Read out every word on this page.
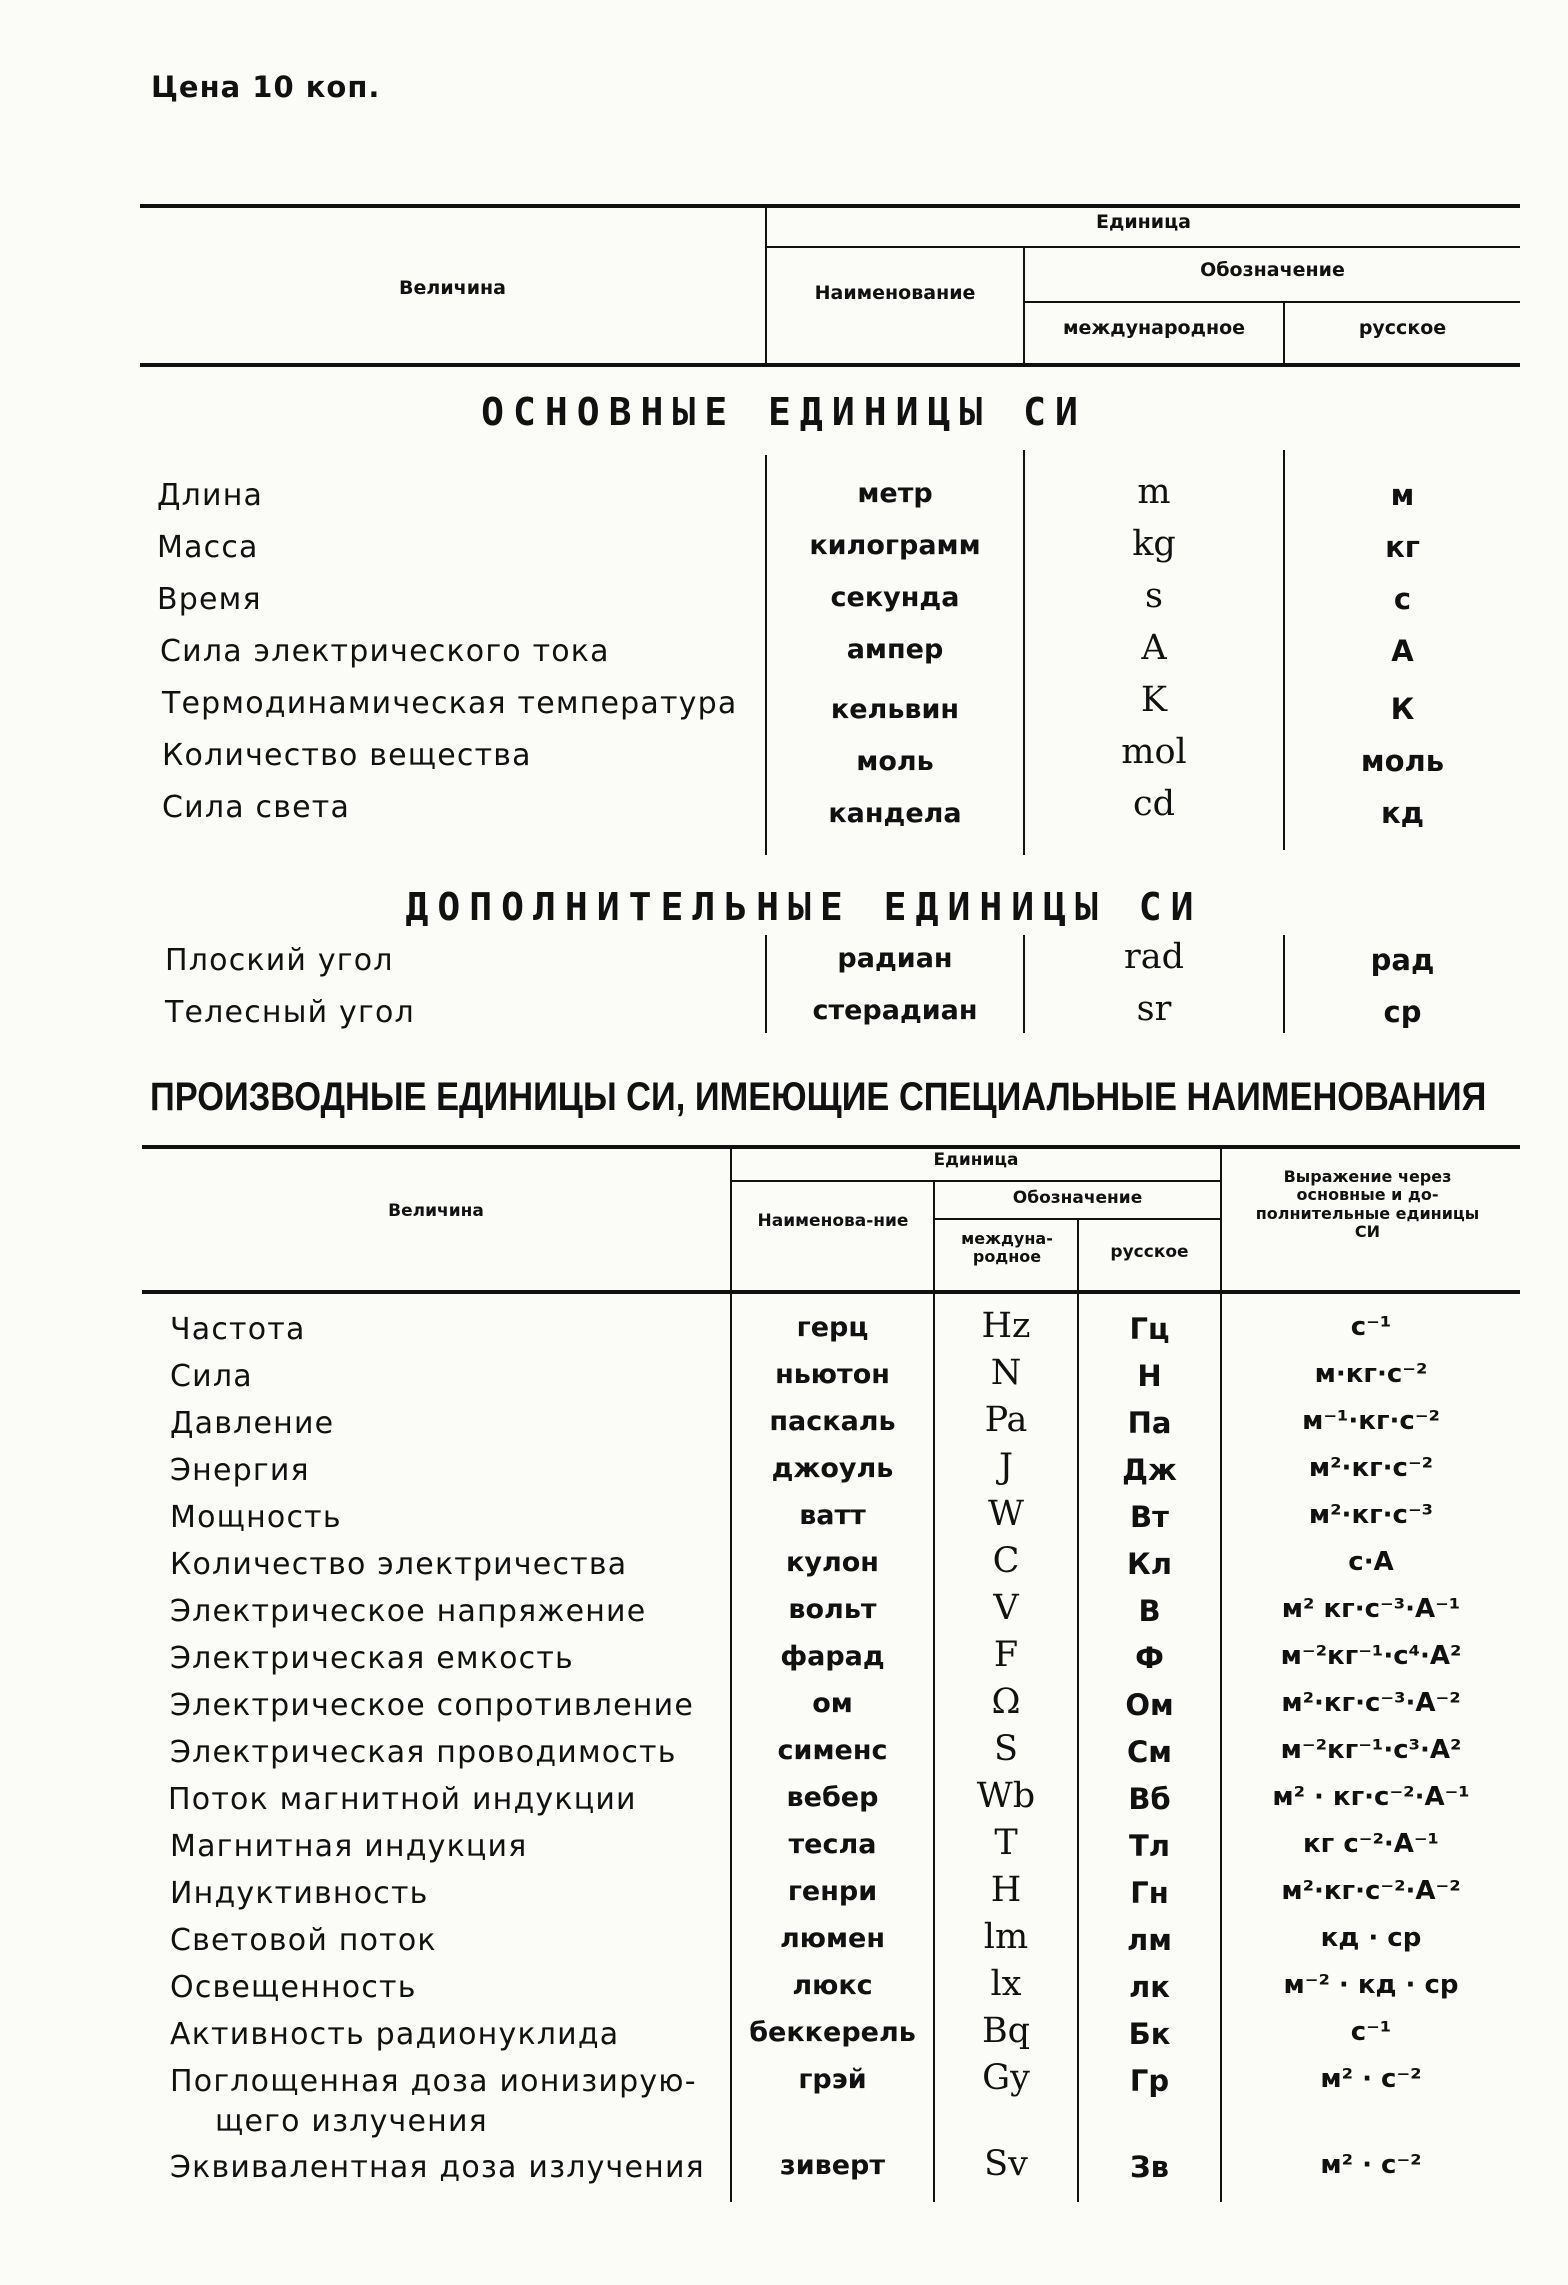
Цена 10 коп.
Величина
Единица
Наименование
Обозначение
международное	русское
ОСНОВНЫЕ ЕДИНИЦЫ СИ
Длина	метр	m	м
Масса	килограмм	kg	кг
Время	секунда	s	с
Сила электрического тока	ампер	A	А
Термодинамическая температура	кельвин	K	К
Количество вещества	моль	mol	моль
Сила света	кандела	cd	кд
ДОПОЛНИТЕЛЬНЫЕ ЕДИНИЦЫ СИ
Плоский угол	радиан	rad	рад
Телесный угол	стерадиан	sr	ср
ПРОИЗВОДНЫЕ ЕДИНИЦЫ СИ, ИМЕЮЩИЕ СПЕЦИАЛЬНЫЕ НАИМЕНОВАНИЯ
Величина
Единица
Наименова-ние
Обозначение
междуна-родное	русское
Выражение через основные и до-полнительные единицы СИ
Частота	герц	Hz	Гц	с⁻¹
Сила	ньютон	N	Н	м·кг·с⁻²
Давление	паскаль	Pa	Па	м⁻¹·кг·с⁻²
Энергия	джоуль	J	Дж	м²·кг·с⁻²
Мощность	ватт	W	Вт	м²·кг·с⁻³
Количество электричества	кулон	C	Кл	с·А
Электрическое напряжение	вольт	V	В	м² кг·с⁻³·А⁻¹
Электрическая емкость	фарад	F	Ф	м⁻²кг⁻¹·с⁴·А²
Электрическое сопротивление	ом	Ω	Ом	м²·кг·с⁻³·А⁻²
Электрическая проводимость	сименс	S	См	м⁻²кг⁻¹·с³·А²
Поток магнитной индукции	вебер	Wb	Вб	м² · кг·с⁻²·А⁻¹
Магнитная индукция	тесла	T	Тл	кг с⁻²·А⁻¹
Индуктивность	генри	H	Гн	м²·кг·с⁻²·А⁻²
Световой поток	люмен	lm	лм	кд · ср
Освещенность	люкс	lx	лк	м⁻² · кд · ср
Активность радионуклида	беккерель	Bq	Бк	с⁻¹
Поглощенная доза ионизирую-	грэй	Gy	Гр	м² · с⁻²
щего излучения
Эквивалентная доза излучения	зиверт	Sv	Зв	м² · с⁻²
